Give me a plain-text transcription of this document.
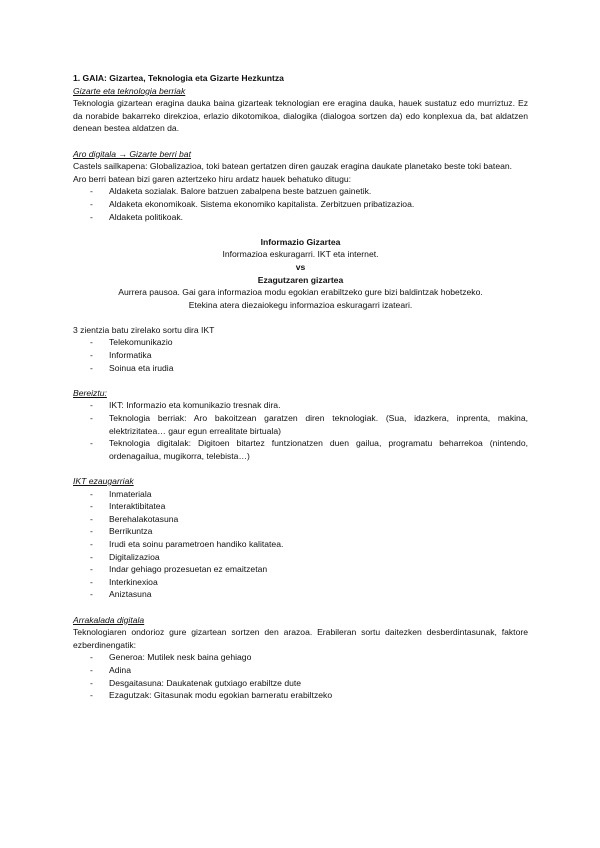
1. GAIA: Gizartea, Teknologia eta Gizarte Hezkuntza

Gizarte eta teknologia berriak

Teknologia gizartean eragina dauka baina gizarteak teknologian ere eragina dauka, hauek sustatuz edo murriztuz. Ez da norabide bakarreko direkzioa, erlazio dikotomikoa, dialogika (dialogoa sortzen da) edo konplexua da, bat aldatzen denean bestea aldatzen da.

Aro digitala → Gizarte berri bat

Castels sailkapena: Globalizazioa, toki batean gertatzen diren gauzak eragina daukate planetako beste toki batean.

Aro berri batean bizi garen aztertzeko hiru ardatz hauek behatuko ditugu:

- Aldaketa sozialak. Balore batzuen zabalpena beste batzuen gainetik.
- Aldaketa ekonomikoak. Sistema ekonomiko kapitalista. Zerbitzuen pribatizazioa.
- Aldaketa politikoak.

Informazio Gizartea

Informazioa eskuragarri. IKT eta internet.

vs

Ezagutzaren gizartea

Aurrera pausoa. Gai gara informazioa modu egokian erabiltzeko gure bizi baldintzak hobetzeko.

Etekina atera diezaiokegu informazioa eskuragarri izateari.

3 zientzia batu zirelako sortu dira IKT

- Telekomunikazio
- Informatika
- Soinua eta irudia

Bereiztu:

- IKT: Informazio eta komunikazio tresnak dira.
- Teknologia berriak: Aro bakoitzean garatzen diren teknologiak. (Sua, idazkera, inprenta, makina, elektrizitatea… gaur egun errealitate birtuala)
- Teknologia digitalak: Digitoen bitartez funtzionatzen duen gailua, programatu beharrekoa (nintendo, ordenagailua, mugikorra, telebista…)

IKT ezaugarriak

- Inmateriala
- Interaktibitatea
- Berehalakotasuna
- Berrikuntza
- Irudi eta soinu parametroen handiko kalitatea.
- Digitalizazioa
- Indar gehiago prozesuetan ez emaitzetan
- Interkinexioa
- Aniztasuna

Arrakalada digitala

Teknologiaren ondorioz gure gizartean sortzen den arazoa. Erabileran sortu daitezken desberdintasunak, faktore ezberdinengatik:

- Generoa: Mutilek nesk baina gehiago
- Adina
- Desgaitasuna: Daukatenak gutxiago erabiltze dute
- Ezagutzak: Gitasunak modu egokian barneratu erabiltzeko
